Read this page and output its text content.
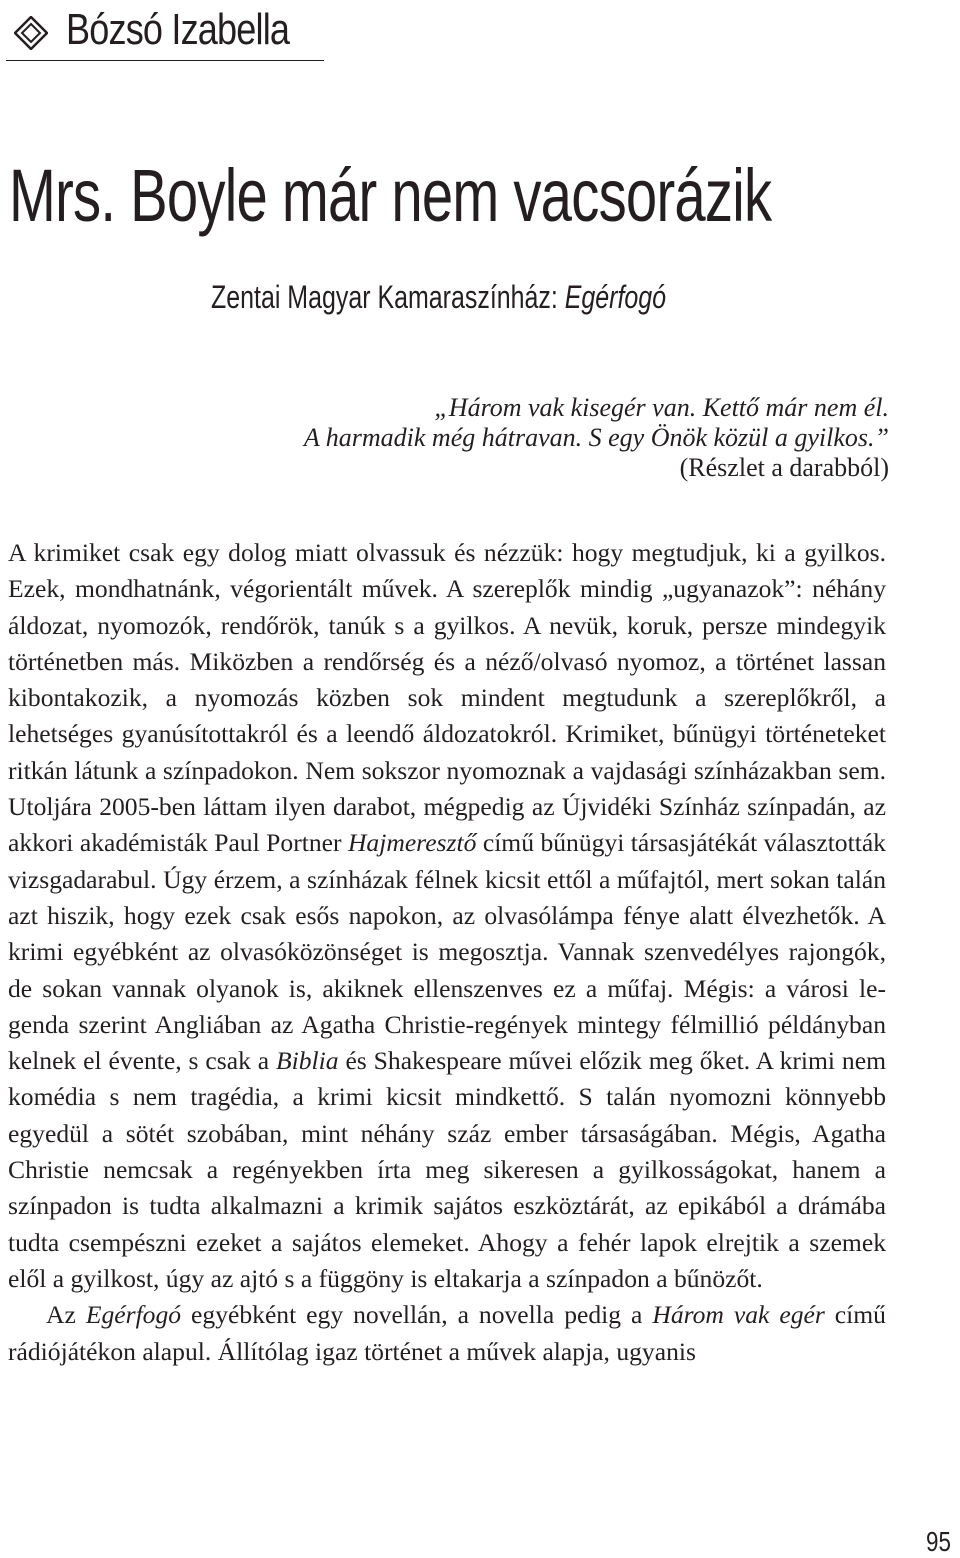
Bózsó Izabella
Mrs. Boyle már nem vacsorázik
Zentai Magyar Kamaraszínház: Egérfogó
„Három vak kisegér van. Kettő már nem él.
A harmadik még hátravan. S egy Önök közül a gyilkos.”
(Részlet a darabból)

A krimiket csak egy dolog miatt olvassuk és nézzük: hogy megtudjuk, ki a gyilkos. Ezek, mondhatnánk, végorientált művek. A szereplők mindig „ugyanazok”: néhány áldozat, nyomozók, rendőrök, tanúk s a gyilkos. A nevük, koruk, persze mindegyik történetben más. Miközben a rendőrség és a néző/olvasó nyomoz, a történet lassan kibontakozik, a nyomozás közben sok mindent megtudunk a szereplőkről, a lehetséges gyanúsítottakról és a leendő áldozatokról. Krimiket, bűnügyi történeteket ritkán látunk a színpadokon. Nem sokszor nyomoznak a vajdasági színházakban sem. Utoljára 2005-ben láttam ilyen darabot, mégpedig az Újvidéki Színház színpadán, az akkori akadémisták Paul Portner Hajmeresztő című bűnügyi társasjátékát választották vizsgadarabul. Úgy érzem, a színházak félnek kicsit ettől a műfajtól, mert sokan talán azt hiszik, hogy ezek csak esős napokon, az olvasólámpa fénye alatt élvezhetők. A krimi egyébként az olvasóközönséget is megosztja. Vannak szenvedélyes rajongók, de sokan vannak olyanok is, akiknek ellenszenves ez a műfaj. Mégis: a városi legenda szerint Angliában az Agatha Christie-regények mintegy félmillió példányban kelnek el évente, s csak a Biblia és Shakespeare művei előzik meg őket. A krimi nem komédia s nem tragédia, a krimi kicsit mindkettő. S talán nyomozni könnyebb egyedül a sötét szobában, mint néhány száz ember társaságában. Mégis, Agatha Christie nemcsak a regényekben írta meg sikeresen a gyilkosságokat, hanem a színpadon is tudta alkalmazni a krimik sajátos eszköztárát, az epikából a drámába tudta csempészni ezeket a sajátos elemeket. Ahogy a fehér lapok elrejtik a szemek elől a gyilkost, úgy az ajtó s a függöny is eltakarja a színpadon a bűnözőt.

Az Egérfogó egyébként egy novellán, a novella pedig a Három vak egér című rádiójátékon alapul. Állítólag igaz történet a művek alapja, ugyanis

95
